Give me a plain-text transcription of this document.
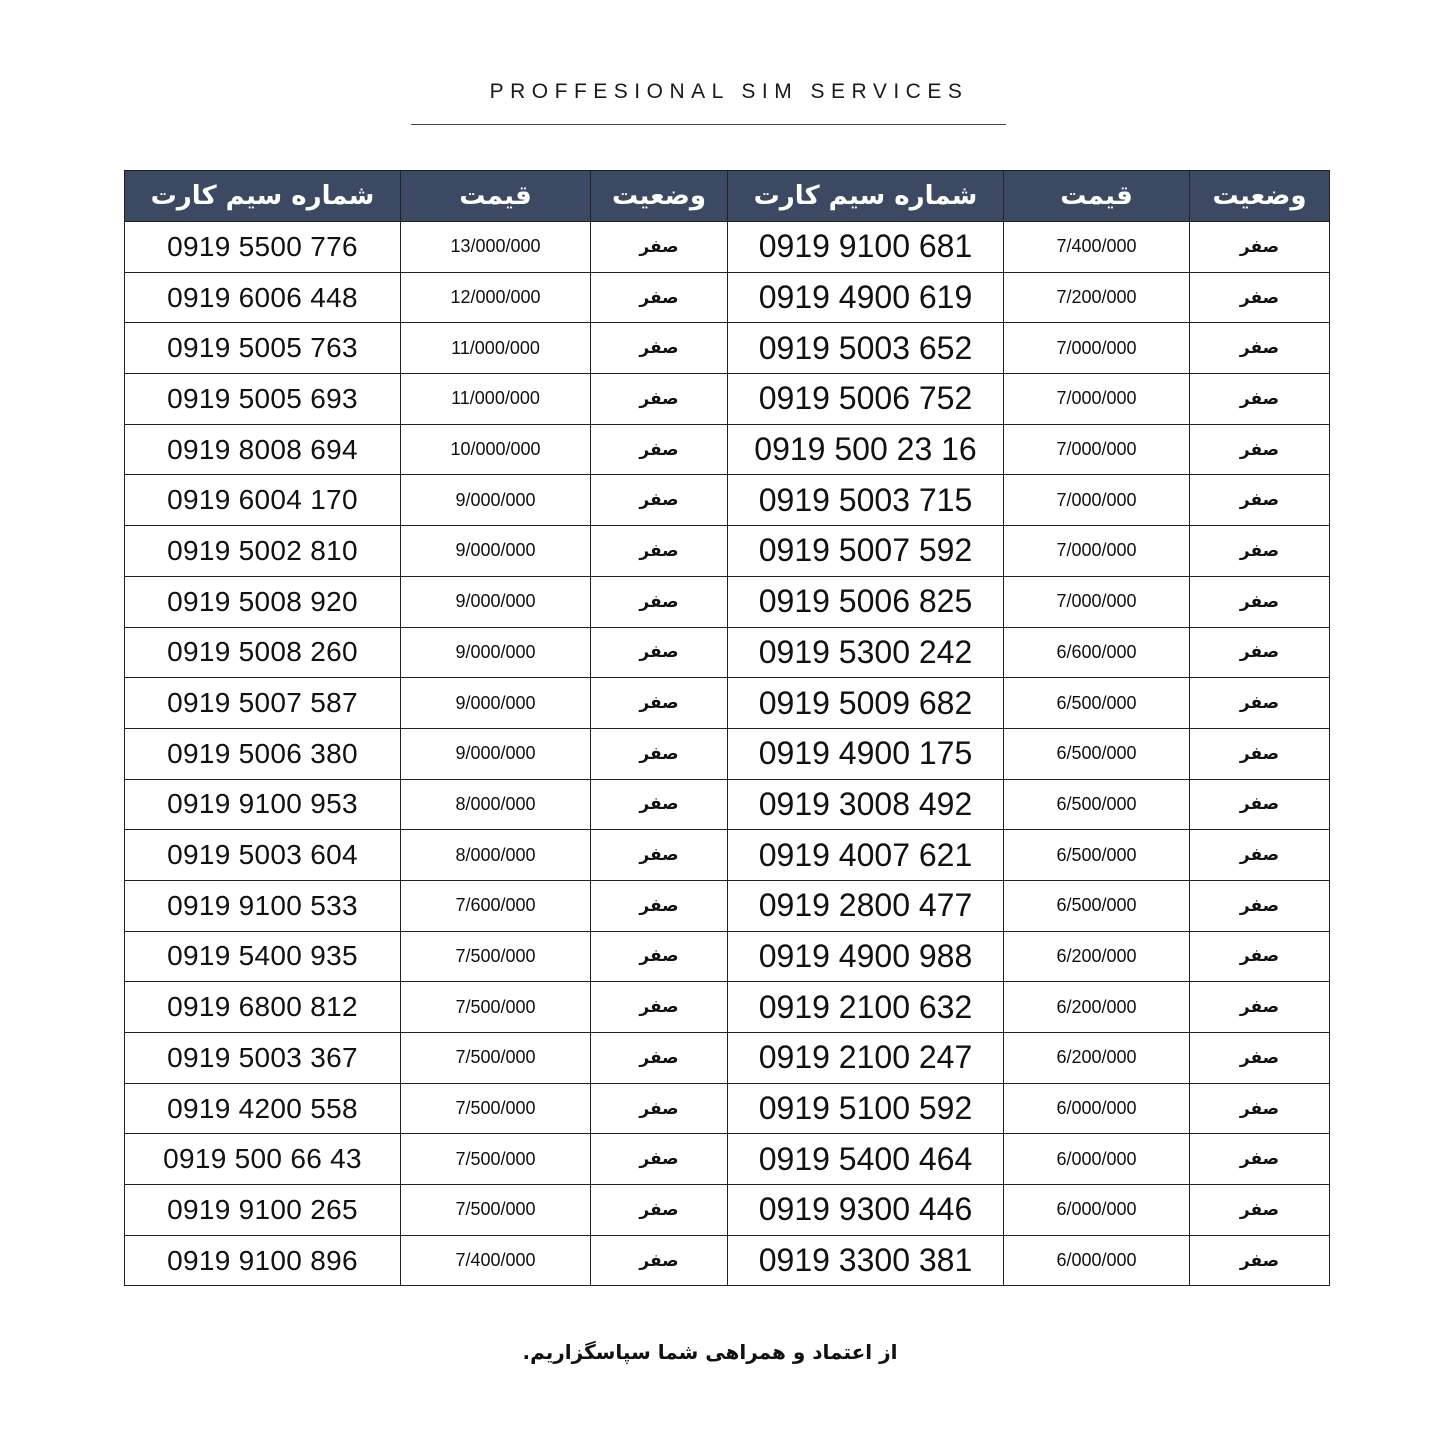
PROFFESIONAL SIM SERVICES
شماره سیم کارت	قیمت	وضعیت	شماره سیم کارت	قیمت	وضعیت
0919 5500 776	13/000/000	صفر	0919 9100 681	7/400/000	صفر
0919 6006 448	12/000/000	صفر	0919 4900 619	7/200/000	صفر
0919 5005 763	11/000/000	صفر	0919 5003 652	7/000/000	صفر
0919 5005 693	11/000/000	صفر	0919 5006 752	7/000/000	صفر
0919 8008 694	10/000/000	صفر	0919 500 23 16	7/000/000	صفر
0919 6004 170	9/000/000	صفر	0919 5003 715	7/000/000	صفر
0919 5002 810	9/000/000	صفر	0919 5007 592	7/000/000	صفر
0919 5008 920	9/000/000	صفر	0919 5006 825	7/000/000	صفر
0919 5008 260	9/000/000	صفر	0919 5300 242	6/600/000	صفر
0919 5007 587	9/000/000	صفر	0919 5009 682	6/500/000	صفر
0919 5006 380	9/000/000	صفر	0919 4900 175	6/500/000	صفر
0919 9100 953	8/000/000	صفر	0919 3008 492	6/500/000	صفر
0919 5003 604	8/000/000	صفر	0919 4007 621	6/500/000	صفر
0919 9100 533	7/600/000	صفر	0919 2800 477	6/500/000	صفر
0919 5400 935	7/500/000	صفر	0919 4900 988	6/200/000	صفر
0919 6800 812	7/500/000	صفر	0919 2100 632	6/200/000	صفر
0919 5003 367	7/500/000	صفر	0919 2100 247	6/200/000	صفر
0919 4200 558	7/500/000	صفر	0919 5100 592	6/000/000	صفر
0919 500 66 43	7/500/000	صفر	0919 5400 464	6/000/000	صفر
0919 9100 265	7/500/000	صفر	0919 9300 446	6/000/000	صفر
0919 9100 896	7/400/000	صفر	0919 3300 381	6/000/000	صفر
از اعتماد و همراهی شما سپاسگزاریم.
